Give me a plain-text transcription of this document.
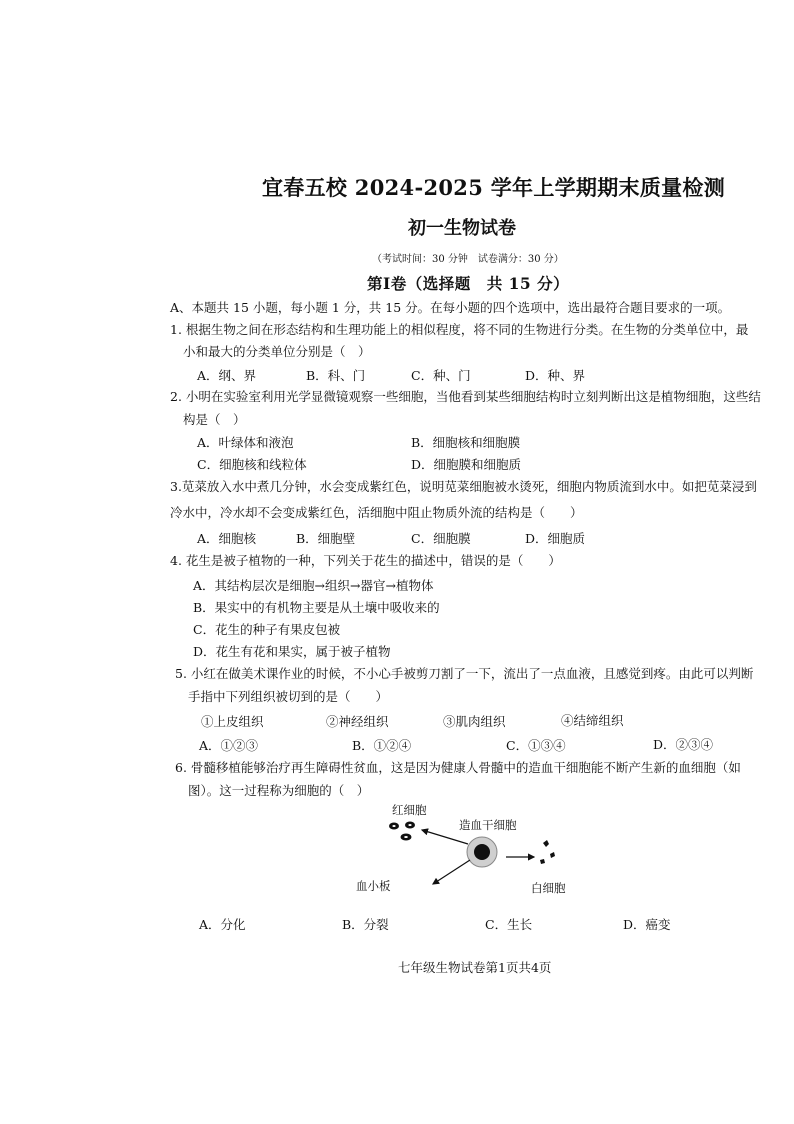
宜春五校 2024-2025 学年上学期期末质量检测
初一生物试卷
（考试时间：30 分钟　试卷满分：30 分）
第Ⅰ卷（选择题　共 15 分）
A、本题共 15 小题，每小题 1 分，共 15 分。在每小题的四个选项中，选出最符合题目要求的一项。
1. 根据生物之间在形态结构和生理功能上的相似程度，将不同的生物进行分类。在生物的分类单位中，最
小和最大的分类单位分别是（　）
A．纲、界	B．科、门	C．种、门	D．种、界
2. 小明在实验室利用光学显微镜观察一些细胞，当他看到某些细胞结构时立刻判断出这是植物细胞，这些结
构是（　）
A．叶绿体和液泡	B．细胞核和细胞膜
C．细胞核和线粒体	D．细胞膜和细胞质
3.苋菜放入水中煮几分钟，水会变成紫红色，说明苋菜细胞被水烫死，细胞内物质流到水中。如把苋菜浸到
冷水中，冷水却不会变成紫红色，活细胞中阻止物质外流的结构是（　　）
A．细胞核	B．细胞壁	C．细胞膜	D．细胞质
4. 花生是被子植物的一种，下列关于花生的描述中，错误的是（　　）
A．其结构层次是细胞→组织→器官→植物体
B．果实中的有机物主要是从土壤中吸收来的
C．花生的种子有果皮包被
D．花生有花和果实，属于被子植物
5. 小红在做美术课作业的时候，不小心手被剪刀割了一下，流出了一点血液，且感觉到疼。由此可以判断
手指中下列组织被切到的是（　　）
①上皮组织	②神经组织	③肌肉组织	④结缔组织
A．①②③	B．①②④	C．①③④	D．②③④
6. 骨髓移植能够治疗再生障碍性贫血，这是因为健康人骨髓中的造血干细胞能不断产生新的血细胞（如
图）。这一过程称为细胞的（　）
红细胞
造血干细胞
血小板	白细胞
A．分化	B．分裂	C．生长	D．癌变
七年级生物试卷第1页共4页
